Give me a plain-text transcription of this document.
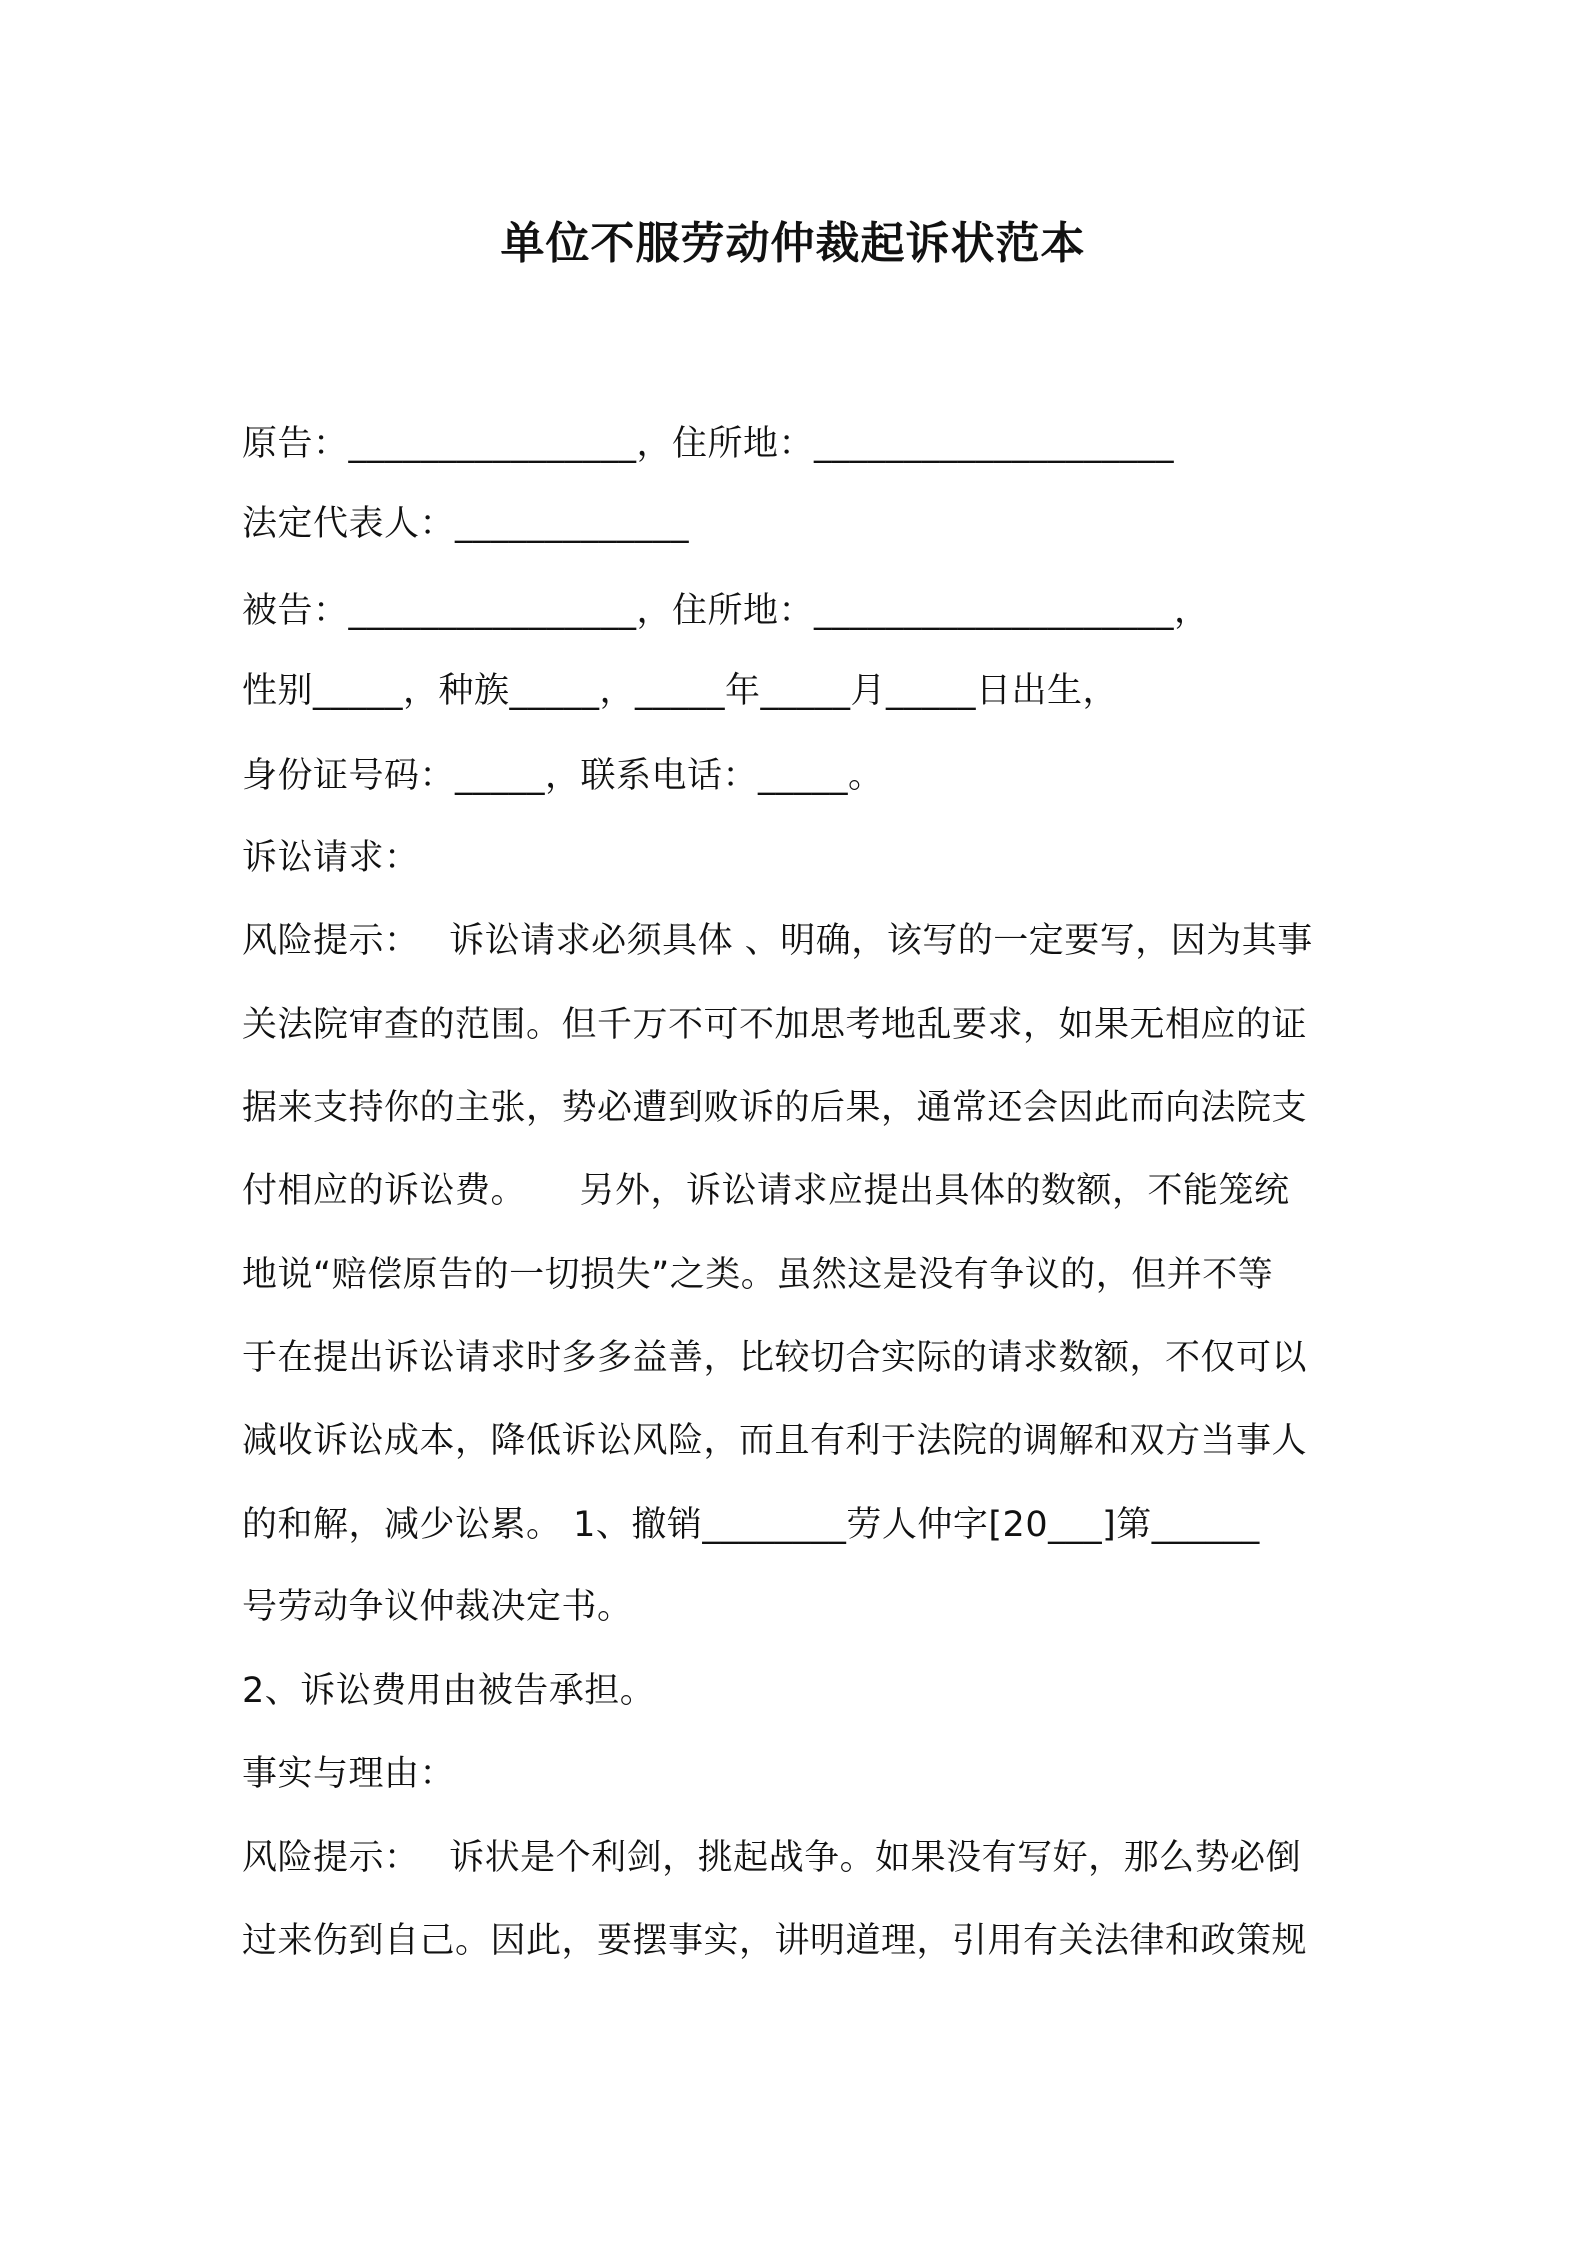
单位不服劳动仲裁起诉状范本
原告：________________，住所地：____________________
法定代表人：_____________
被告：________________，住所地：____________________，
性别_____，种族_____，_____年_____月_____日出生，
身份证号码：_____，联系电话：_____。
诉讼请求：
风险提示：　 诉讼请求必须具体 、明确，该写的一定要写，因为其事
关法院审查的范围。但千万不可不加思考地乱要求，如果无相应的证
据来支持你的主张，势必遭到败诉的后果，通常还会因此而向法院支
付相应的诉讼费。　　另外，诉讼请求应提出具体的数额，不能笼统
地说“赔偿原告的一切损失”之类。虽然这是没有争议的，但并不等
于在提出诉讼请求时多多益善，比较切合实际的请求数额，不仅可以
减收诉讼成本，降低诉讼风险，而且有利于法院的调解和双方当事人
的和解，减少讼累。 1、撤销________劳人仲字[20___]第______
号劳动争议仲裁决定书。
2、诉讼费用由被告承担。
事实与理由：
风险提示：　 诉状是个利剑，挑起战争。如果没有写好，那么势必倒
过来伤到自己。因此，要摆事实，讲明道理，引用有关法律和政策规
